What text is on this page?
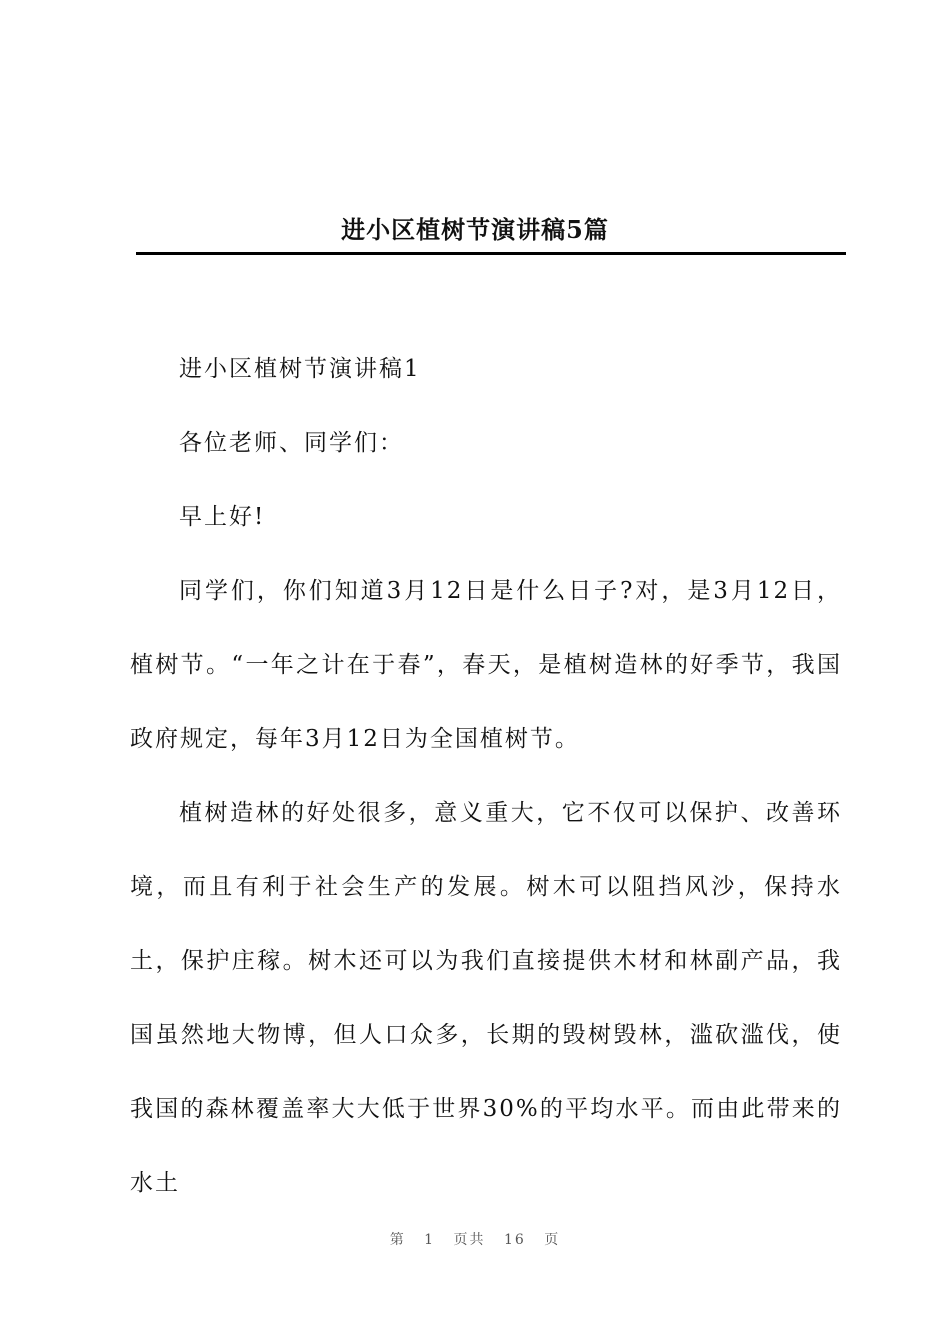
进小区植树节演讲稿5篇

进小区植树节演讲稿1

各位老师、同学们：

早上好!

同学们，你们知道3月12日是什么日子?对，是3月12日，植树节。“一年之计在于春”，春天，是植树造林的好季节，我国政府规定，每年3月12日为全国植树节。

植树造林的好处很多，意义重大，它不仅可以保护、改善环境，而且有利于社会生产的发展。树木可以阻挡风沙，保持水土，保护庄稼。树木还可以为我们直接提供木材和林副产品，我国虽然地大物博，但人口众多，长期的毁树毁林，滥砍滥伐，使我国的森林覆盖率大大低于世界30%的平均水平。而由此带来的水土

第 1 页共 16 页
